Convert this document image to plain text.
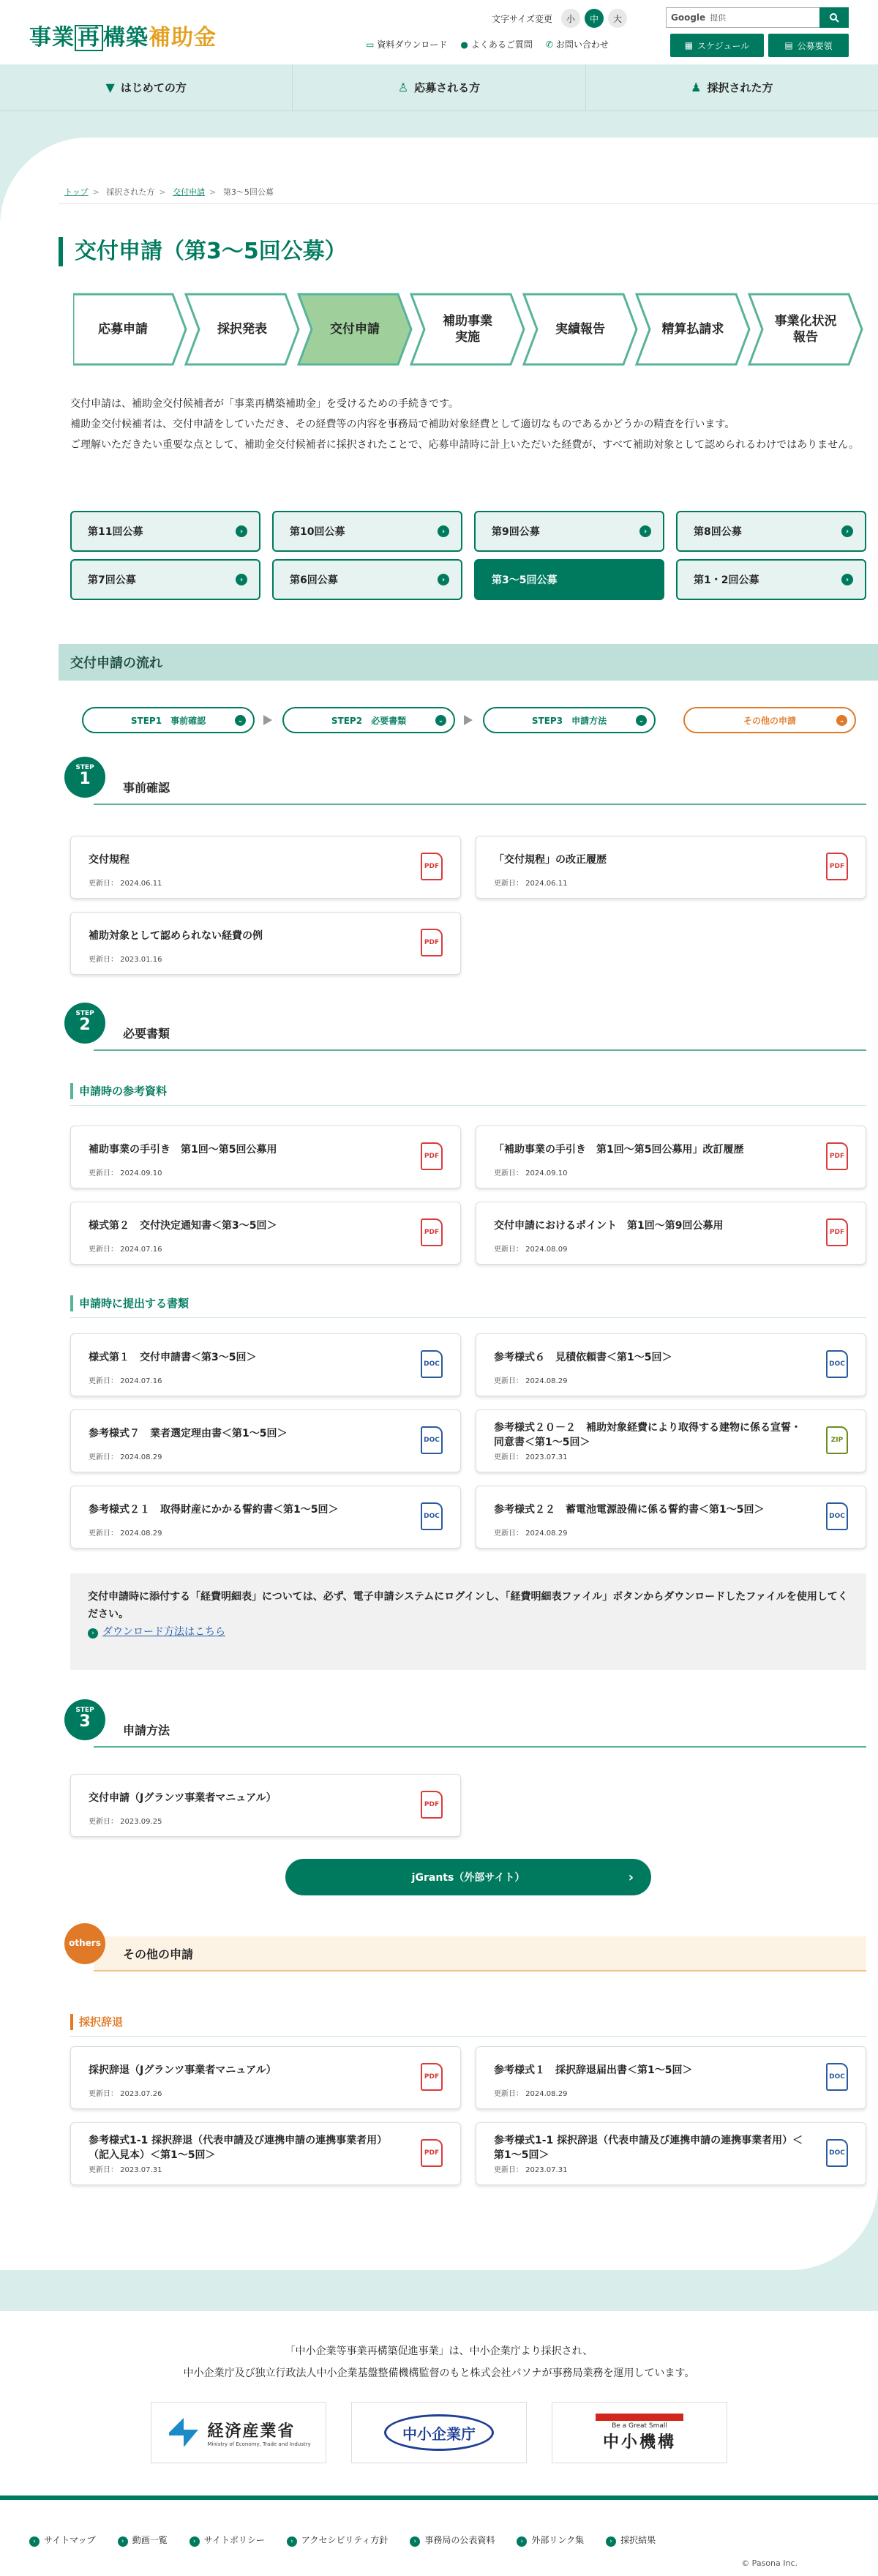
事業 再 構築補助金
文字サイズ変更	小	中	大	Google 提供
▭ 資料ダウンロード ● よくあるご質問 ✆ お問い合わせ	▦ スケジュール	▤ 公募要領
▼ はじめての方	♙ 応募される方	♟ 採択された方
トップ > 採択された方 > 交付申請 > 第3〜5回公募
交付申請（第3〜5回公募）
応募申請	採択発表	交付申請
補助事業
実施
実績報告	精算払請求
事業化状況
報告

交付申請は、補助金交付候補者が「事業再構築補助金」を受けるための手続きです。

補助金交付候補者は、交付申請をしていただき、その経費等の内容を事務局で補助対象経費として適切なものであるかどうかの精査を行います。

ご理解いただきたい重要な点として、補助金交付候補者に採択されたことで、応募申請時に計上いただいた経費が、すべて補助対象として認められるわけではありません。

第11回公募	›	第10回公募	›	第9回公募	›	第8回公募	›
第7回公募	›	第6回公募	›	第3〜5回公募	第1・2回公募	›
交付申請の流れ
STEP1　事前確認	⌄	STEP2　必要書類	⌄	STEP3　申請方法	⌄	その他の申請	⌄
事前確認
STEP
1
交付規程
更新日： 2024.06.11
PDF
「交付規程」の改正履歴
更新日： 2024.06.11
PDF
補助対象として認められない経費の例
更新日： 2023.01.16
PDF
必要書類
STEP
2
申請時の参考資料
補助事業の手引き　第1回〜第5回公募用
更新日： 2024.09.10
PDF
「補助事業の手引き　第1回〜第5回公募用」改訂履歴
更新日： 2024.09.10
PDF
様式第２　交付決定通知書＜第3〜5回＞
更新日： 2024.07.16
PDF
交付申請におけるポイント　第1回〜第9回公募用
更新日： 2024.08.09
PDF
申請時に提出する書類
様式第１　交付申請書＜第3〜5回＞
更新日： 2024.07.16
DOC
参考様式６　見積依頼書＜第1〜5回＞
更新日： 2024.08.29
DOC
参考様式７　業者選定理由書＜第1〜5回＞
更新日： 2024.08.29
DOC
参考様式２０－２　補助対象経費により取得する建物に係る宣誓・同意書＜第1〜5回＞
更新日： 2023.07.31
ZIP
参考様式２１　取得財産にかかる誓約書＜第1〜5回＞
更新日： 2024.08.29
DOC
参考様式２２　蓄電池電源設備に係る誓約書＜第1〜5回＞
更新日： 2024.08.29
DOC

交付申請時に添付する「経費明細表」については、必ず、電子申請システムにログインし、「経費明細表ファイル」ボタンからダウンロードしたファイルを使用してください。

› ダウンロード方法はこちら

申請方法
STEP
3
交付申請（Jグランツ事業者マニュアル）
更新日： 2023.09.25
PDF
jGrants（外部サイト）	›
その他の申請
others
採択辞退
採択辞退（Jグランツ事業者マニュアル）
更新日： 2023.07.26
PDF
参考様式１　採択辞退届出書＜第1〜5回＞
更新日： 2024.08.29
DOC
参考様式1-1 採択辞退（代表申請及び連携申請の連携事業者用）（記入見本）＜第1〜5回＞
更新日： 2023.07.31
PDF
参考様式1-1 採択辞退（代表申請及び連携申請の連携事業者用）＜第1〜5回＞
更新日： 2023.07.31
DOC

「中小企業等事業再構築促進事業」は、中小企業庁より採択され、

中小企業庁及び独立行政法人中小企業基盤整備機構監督のもと株式会社パソナが事務局業務を運用しています。

経済産業省
Ministry of Economy, Trade and Industry
中小企業庁	Be a Great Small
中小機構
› サイトマップ	› 動画一覧	› サイトポリシー	› アクセシビリティ方針	› 事務局の公表資料	› 外部リンク集	› 採択結果
© Pasona Inc.
